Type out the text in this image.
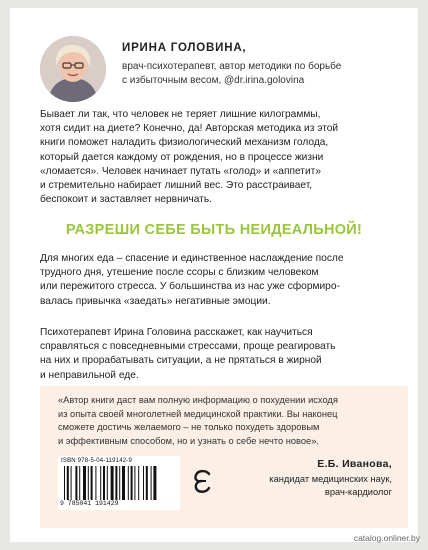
ИРИНА ГОЛОВИНА,
врач-психотерапевт, автор методики по борьбе
с избыточным весом, @dr.irina.golovina
Бывает ли так, что человек не теряет лишние килограммы,
хотя сидит на диете? Конечно, да! Авторская методика из этой
книги поможет наладить физиологический механизм голода,
который дается каждому от рождения, но в процессе жизни
«ломается». Человек начинает путать «голод» и «аппетит»
и стремительно набирает лишний вес. Это расстраивает,
беспокоит и заставляет нервничать.
РАЗРЕШИ СЕБЕ БЫТЬ НЕИДЕАЛЬНОЙ!
Для многих еда – спасение и единственное наслаждение после
трудного дня, утешение после ссоры с близким человеком
или пережитого стресса. У большинства из нас уже сформиро-
валась привычка «заедать» негативные эмоции.
Психотерапевт Ирина Головина расскажет, как научиться
справляться с повседневными стрессами, проще реагировать
на них и прорабатывать ситуации, а не прятаться в жирной
и неправильной еде.
«Автор книги даст вам полную информацию о похудении исходя
из опыта своей многолетней медицинской практики. Вы наконец
сможете достичь желаемого – не только похудеть здоровым
и эффективным способом, но и узнать о себе нечто новое».
ISBN 978-5-04-119142-9
9 785041 191429
Е.Б. Иванова,
кандидат медицинских наук,
врач-кардиолог
catalog.onliner.by
